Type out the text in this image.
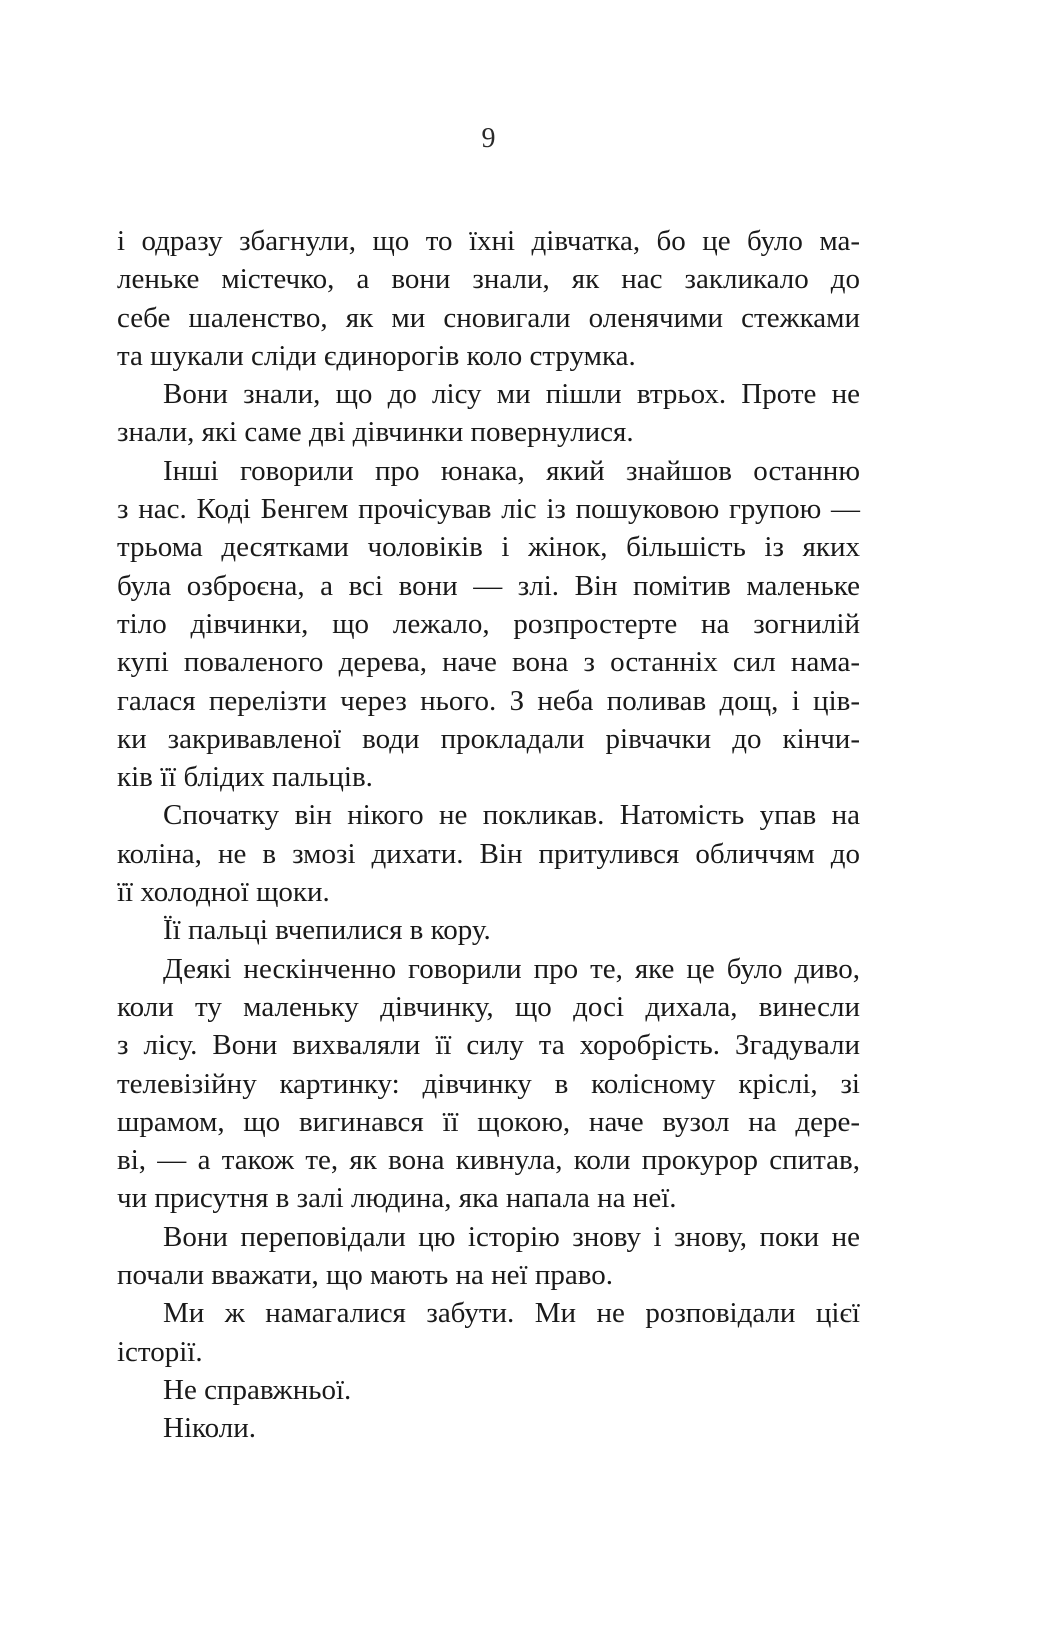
9
і одразу збагнули, що то їхні дівчатка, бо це було ма-
леньке містечко, а вони знали, як нас закликало до
себе шаленство, як ми сновигали оленячими стежками
та шукали сліди єдинорогів коло струмка.
Вони знали, що до лісу ми пішли втрьох. Проте не
знали, які саме дві дівчинки повернулися.
Інші говорили про юнака, який знайшов останню
з нас. Коді Бенгем прочісував ліс із пошуковою групою —
трьома десятками чоловіків і жінок, більшість із яких
була озброєна, а всі вони — злі. Він помітив маленьке
тіло дівчинки, що лежало, розпростерте на зогнилій
купі поваленого дерева, наче вона з останніх сил нама-
галася перелізти через нього. З неба поливав дощ, і ців-
ки закривавленої води прокладали рівчачки до кінчи-
ків її блідих пальців.
Спочатку він нікого не покликав. Натомість упав на
коліна, не в змозі дихати. Він притулився обличчям до
її холодної щоки.
Її пальці вчепилися в кору.
Деякі нескінченно говорили про те, яке це було диво,
коли ту маленьку дівчинку, що досі дихала, винесли
з лісу. Вони вихваляли її силу та хоробрість. Згадували
телевізійну картинку: дівчинку в колісному кріслі, зі
шрамом, що вигинався її щокою, наче вузол на дере-
ві, — а також те, як вона кивнула, коли прокурор спитав,
чи присутня в залі людина, яка напала на неї.
Вони переповідали цю історію знову і знову, поки не
почали вважати, що мають на неї право.
Ми ж намагалися забути. Ми не розповідали цієї
історії.
Не справжньої.
Ніколи.
